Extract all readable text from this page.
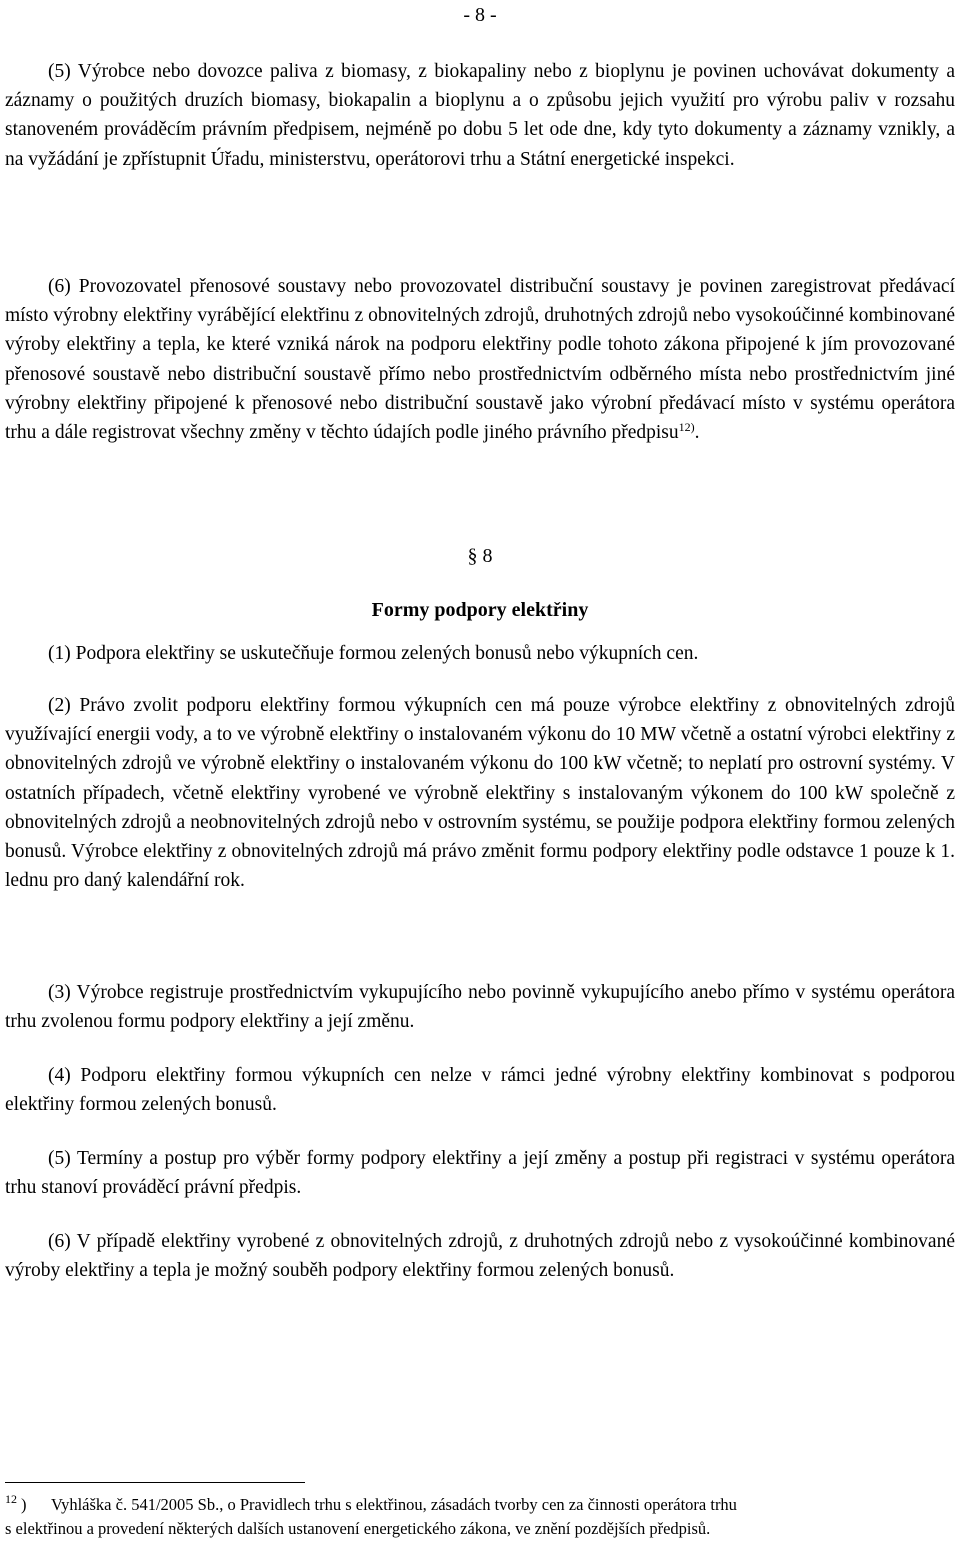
- 8 -

(5) Výrobce nebo dovozce paliva z biomasy, z biokapaliny nebo z bioplynu je povinen uchovávat dokumenty a záznamy o použitých druzích biomasy, biokapalin a bioplynu a o způsobu jejich využití pro výrobu paliv v rozsahu stanoveném prováděcím právním předpisem, nejméně po dobu 5 let ode dne, kdy tyto dokumenty a záznamy vznikly, a na vyžádání je zpřístupnit Úřadu, ministerstvu, operátorovi trhu a Státní energetické inspekci.

(6) Provozovatel přenosové soustavy nebo provozovatel distribuční soustavy je povinen zaregistrovat předávací místo výrobny elektřiny vyrábějící elektřinu z obnovitelných zdrojů, druhotných zdrojů nebo vysokoúčinné kombinované výroby elektřiny a tepla, ke které vzniká nárok na podporu elektřiny podle tohoto zákona připojené k jím provozované přenosové soustavě nebo distribuční soustavě přímo nebo prostřednictvím odběrného místa nebo prostřednictvím jiné výrobny elektřiny připojené k přenosové nebo distribuční soustavě jako výrobní předávací místo v systému operátora trhu a dále registrovat všechny změny v těchto údajích podle jiného právního předpisu$^{12)}$.

§ 8
Formy podpory elektřiny

(1) Podpora elektřiny se uskutečňuje formou zelených bonusů nebo výkupních cen.

(2) Právo zvolit podporu elektřiny formou výkupních cen má pouze výrobce elektřiny z obnovitelných zdrojů využívající energii vody, a to ve výrobně elektřiny o instalovaném výkonu do 10 MW včetně a ostatní výrobci elektřiny z obnovitelných zdrojů ve výrobně elektřiny o instalovaném výkonu do 100 kW včetně; to neplatí pro ostrovní systémy. V ostatních případech, včetně elektřiny vyrobené ve výrobně elektřiny s instalovaným výkonem do 100 kW společně z obnovitelných zdrojů a neobnovitelných zdrojů nebo v ostrovním systému, se použije podpora elektřiny formou zelených bonusů. Výrobce elektřiny z obnovitelných zdrojů má právo změnit formu podpory elektřiny podle odstavce 1 pouze k 1. lednu pro daný kalendářní rok.

(3) Výrobce registruje prostřednictvím vykupujícího nebo povinně vykupujícího anebo přímo v systému operátora trhu zvolenou formu podpory elektřiny a její změnu.

(4) Podporu elektřiny formou výkupních cen nelze v rámci jedné výrobny elektřiny kombinovat s podporou elektřiny formou zelených bonusů.

(5) Termíny a postup pro výběr formy podpory elektřiny a její změny a postup při registraci v systému operátora trhu stanoví prováděcí právní předpis.

(6) V případě elektřiny vyrobené z obnovitelných zdrojů, z druhotných zdrojů nebo z vysokoúčinné kombinované výroby elektřiny a tepla je možný souběh podpory elektřiny formou zelených bonusů.

12 ) Vyhláška č. 541/2005 Sb., o Pravidlech trhu s elektřinou, zásadách tvorby cen za činnosti operátora trhu
s elektřinou a provedení některých dalších ustanovení energetického zákona, ve znění pozdějších předpisů.
